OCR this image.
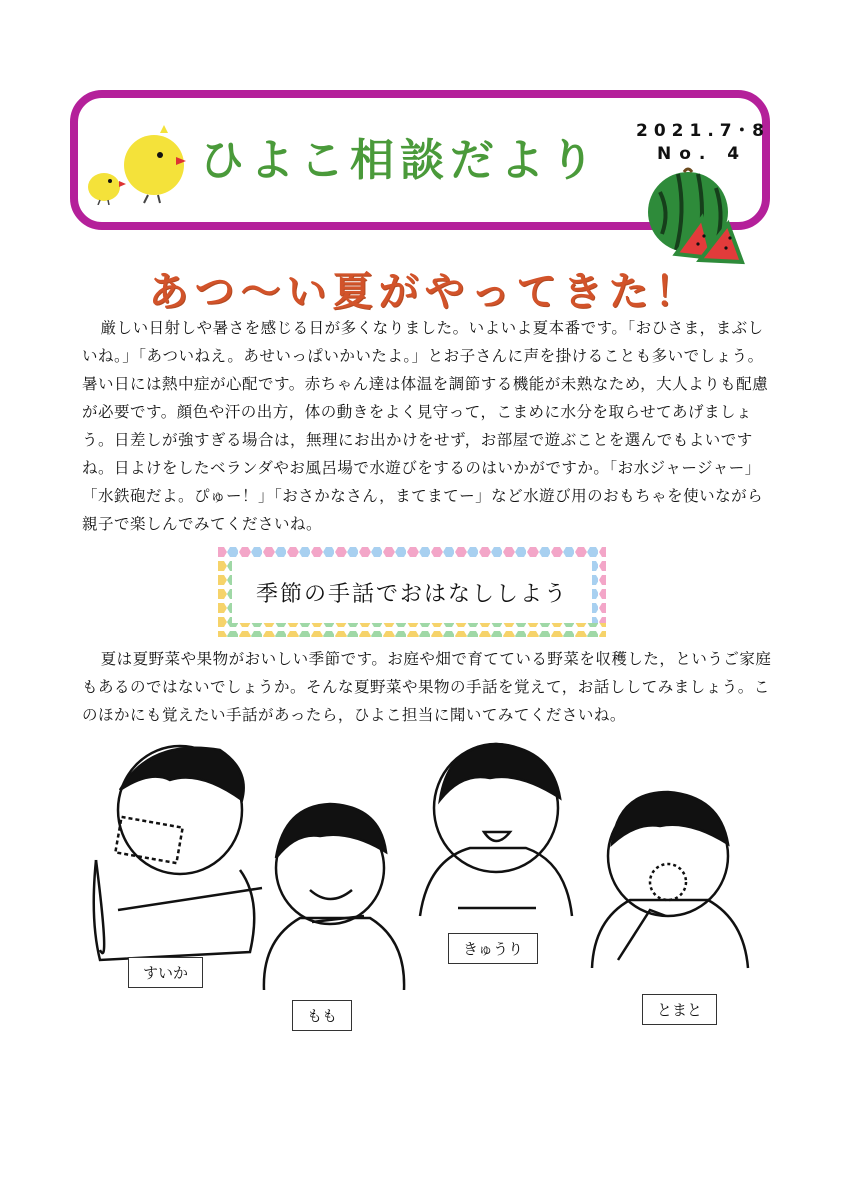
ひよこ相談だより
2021.7･8
No. 4
あつ～い夏がやってきた！

厳しい日射しや暑さを感じる日が多くなりました。いよいよ夏本番です。「おひさま，まぶしいね。」「あついねえ。あせいっぱいかいたよ。」とお子さんに声を掛けることも多いでしょう。暑い日には熱中症が心配です。赤ちゃん達は体温を調節する機能が未熟なため，大人よりも配慮が必要です。顔色や汗の出方，体の動きをよく見守って，こまめに水分を取らせてあげましょう。日差しが強すぎる場合は，無理にお出かけをせず，お部屋で遊ぶことを選んでもよいですね。日よけをしたベランダやお風呂場で水遊びをするのはいかがですか。「お水ジャージャー」「水鉄砲だよ。ぴゅー！」「おさかなさん，まてまてー」など水遊び用のおもちゃを使いながら親子で楽しんでみてくださいね。

季節の手話でおはなししよう

夏は夏野菜や果物がおいしい季節です。お庭や畑で育てている野菜を収穫した，というご家庭もあるのではないでしょうか。そんな夏野菜や果物の手話を覚えて，お話ししてみましょう。このほかにも覚えたい手話があったら，ひよこ担当に聞いてみてくださいね。

すいか
もも
きゅうり
とまと
